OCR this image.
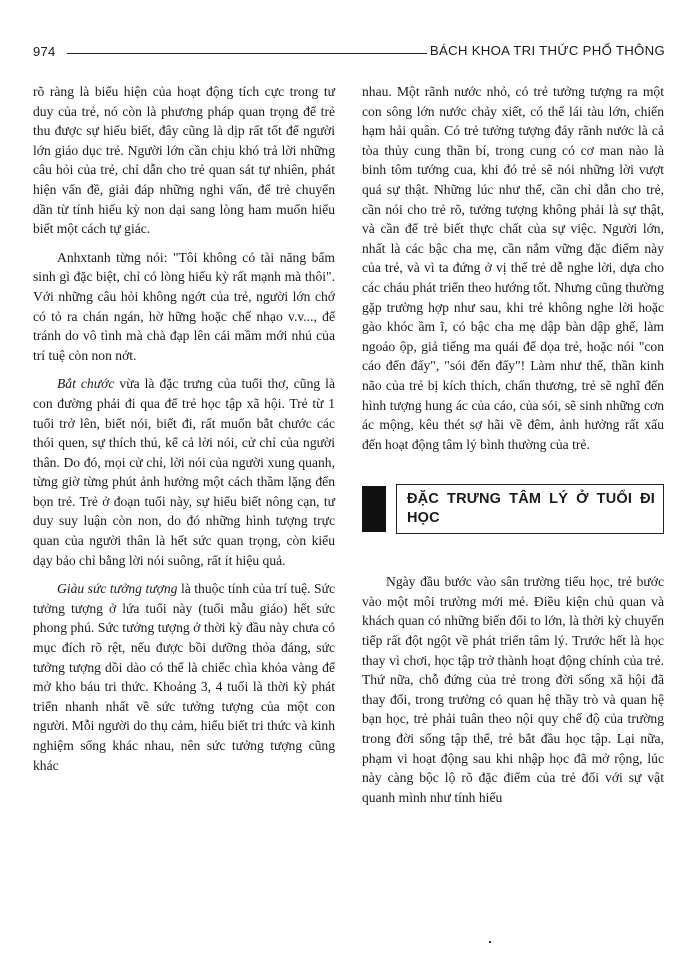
974	BÁCH KHOA TRI THỨC PHỔ THÔNG

rõ ràng là biểu hiện của hoạt động tích cực trong tư duy của trẻ, nó còn là phương pháp quan trọng để trẻ thu được sự hiểu biết, đây cũng là dịp rất tốt để người lớn giáo dục trẻ. Người lớn cần chịu khó trả lời những câu hỏi của trẻ, chỉ dẫn cho trẻ quan sát tự nhiên, phát hiện vấn đề, giải đáp những nghi vấn, để trẻ chuyển dần từ tính hiếu kỳ non dại sang lòng ham muốn hiểu biết một cách tự giác.

Anhxtanh từng nói: "Tôi không có tài năng bẩm sinh gì đặc biệt, chỉ có lòng hiếu kỳ rất mạnh mà thôi". Với những câu hỏi không ngớt của trẻ, người lớn chớ có tỏ ra chán ngán, hờ hững hoặc chế nhạo v.v..., để tránh do vô tình mà chà đạp lên cái mầm mới nhú của trí tuệ còn non nớt.

Bắt chước vừa là đặc trưng của tuổi thơ, cũng là con đường phải đi qua để trẻ học tập xã hội. Trẻ từ 1 tuổi trở lên, biết nói, biết đi, rất muốn bắt chước các thói quen, sự thích thú, kể cả lời nói, cử chỉ của người thân. Do đó, mọi cử chỉ, lời nói của người xung quanh, từng giờ từng phút ảnh hưởng một cách thầm lặng đến bọn trẻ. Trẻ ở đoạn tuổi này, sự hiểu biết nông cạn, tư duy suy luận còn non, do đó những hình tượng trực quan của người thân là hết sức quan trọng, còn kiểu dạy bảo chỉ bằng lời nói suông, rất ít hiệu quả.

Giàu sức tưởng tượng là thuộc tính của trí tuệ. Sức tưởng tượng ở lứa tuổi này (tuổi mẫu giáo) hết sức phong phú. Sức tưởng tượng ở thời kỳ đầu này chưa có mục đích rõ rệt, nếu được bồi dưỡng thỏa đáng, sức tưởng tượng dồi dào có thể là chiếc chìa khóa vàng để mở kho báu tri thức. Khoảng 3, 4 tuổi là thời kỳ phát triển nhanh nhất về sức tưởng tượng của một con người. Mỗi người do thụ cảm, hiểu biết tri thức và kinh nghiệm sống khác nhau, nên sức tưởng tượng cũng khác

nhau. Một rãnh nước nhỏ, có trẻ tưởng tượng ra một con sông lớn nước chảy xiết, có thể lái tàu lớn, chiến hạm hải quân. Có trẻ tưởng tượng đáy rãnh nước là cả tòa thủy cung thần bí, trong cung có cơ man nào là binh tôm tướng cua, khi đó trẻ sẽ nói những lời vượt quá sự thật. Những lúc như thế, cần chỉ dẫn cho trẻ, cần nói cho trẻ rõ, tưởng tượng không phải là sự thật, và cần để trẻ biết thực chất của sự việc. Người lớn, nhất là các bậc cha mẹ, cần nắm vững đặc điểm này của trẻ, và vì ta đứng ở vị thế trẻ dễ nghe lời, dựa cho các cháu phát triển theo hướng tốt. Nhưng cũng thường gặp trường hợp như sau, khi trẻ không nghe lời hoặc gào khóc ầm ĩ, có bậc cha mẹ dập bàn dập ghế, làm ngoáo ộp, giả tiếng ma quái để dọa trẻ, hoặc nói "con cáo đến đấy", "sói đến đấy"! Làm như thế, thần kinh não của trẻ bị kích thích, chấn thương, trẻ sẽ nghĩ đến hình tượng hung ác của cáo, của sói, sẽ sinh những cơn ác mộng, kêu thét sợ hãi về đêm, ảnh hưởng rất xấu đến hoạt động tâm lý bình thường của trẻ.

ĐẶC TRƯNG TÂM LÝ Ở TUỔI ĐI HỌC

Ngày đầu bước vào sân trường tiểu học, trẻ bước vào một môi trường mới mẻ. Điều kiện chủ quan và khách quan có những biến đổi to lớn, là thời kỳ chuyển tiếp rất đột ngột về phát triển tâm lý. Trước hết là học thay vì chơi, học tập trở thành hoạt động chính của trẻ. Thứ nữa, chỗ đứng của trẻ trong đời sống xã hội đã thay đổi, trong trường có quan hệ thầy trò và quan hệ bạn học, trẻ phải tuân theo nội quy chế độ của trường trong đời sống tập thể, trẻ bắt đầu học tập. Lại nữa, phạm vi hoạt động sau khi nhập học đã mở rộng, lúc này càng bộc lộ rõ đặc điểm của trẻ đối với sự vật quanh mình như tính hiếu
